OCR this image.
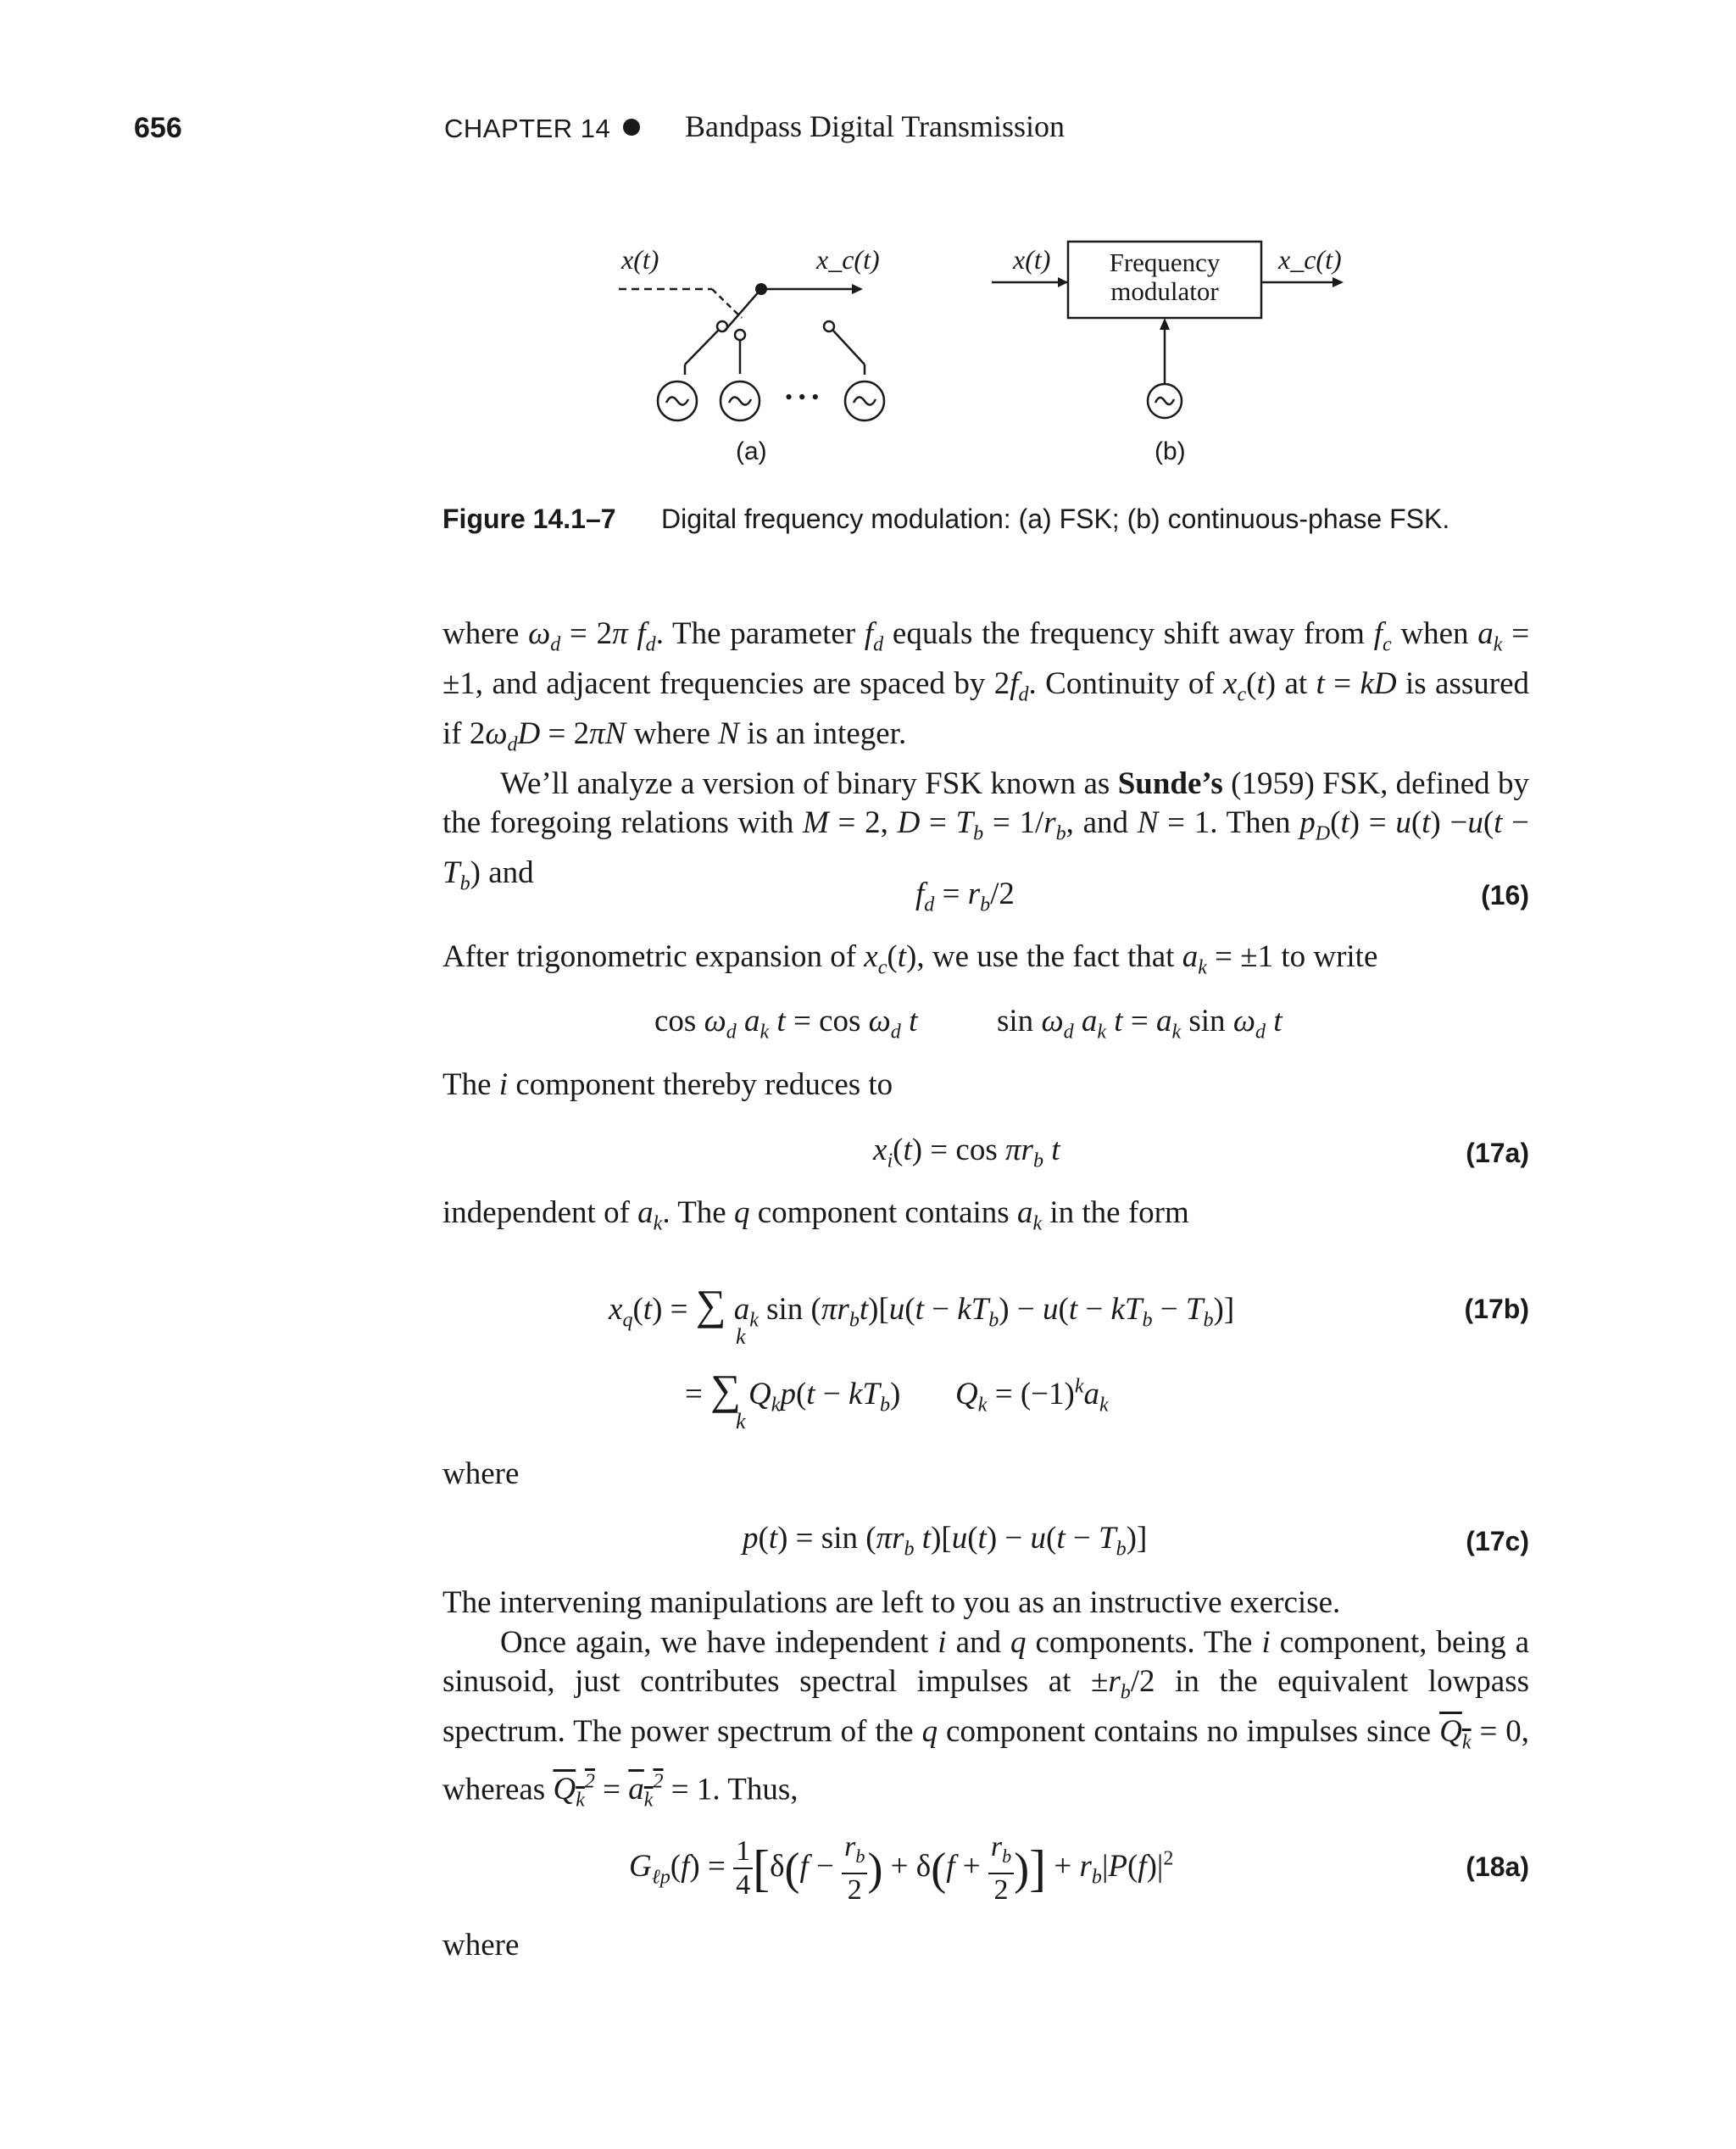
656	CHAPTER 14 Bandpass Digital Transmission
x(t)	x_c(t)
• • •
(a)
x(t)	Frequency
modulator
x_c(t)
(b)
Figure 14.1–7 Digital frequency modulation: (a) FSK; (b) continuous-phase FSK.

where $\omega_d = 2\pi$ $f_d$. The parameter $f_d$ equals the frequency shift away from $f_c$ when $a_k = \pm 1$, and adjacent frequencies are spaced by $2f_d$. Continuity of $x_c(t)$ at t = kD is assured if $2\omega_dD = 2\pi N$ where N is an integer.

We’ll analyze a version of binary FSK known as Sunde’s (1959) FSK, defined by the foregoing relations with M = 2, $D = T_b = 1/r_b$, and N = 1. Then $p_D(t) = u(t) -u(t - T_b)$ and

$f_d = r_b/2$	(16)
After trigonometric expansion of $x_c(t)$, we use the fact that $a_k = \pm 1$ to write
$\cos \omega_d$ $a_k$ $t = \cos \omega_d$ t	$\sin \omega_d$ $a_k$ $t = a_k$ $\sin \omega_d$ t
The i component thereby reduces to
$x_i(t) = \cos \pi r_b$ t	(17a)
independent of $a_k$. The q component contains $a_k$ in the form
$x_q(t)$ = ∑ $a_k$ $\sin (\pi r_bt)[u(t - kT_b) - u(t - kT_b - T_b)]$
k
(17b)
= ∑ $Q_kp(t - kT_b)$       $Q_k = (-1)^ka_k$
k
where
$p(t) = \sin (\pi r_b$ $t)[u(t) - u(t - T_b)]$	(17c)

The intervening manipulations are left to you as an instructive exercise.

Once again, we have independent i and q components. The i component, being a sinusoid, just contributes spectral impulses at $\pm r_b/2$ in the equivalent lowpass spectrum. The power spectrum of the q component contains no impulses since $Q_k = 0$, whereas $Q_k^2 = a_k^2 = 1$. Thus,

$G_{\ell p}(f) = \frac{1}{4} [\delta(f - \frac{r_b}{2}$ ) + $\delta(f + \frac{r_b}{2}$ )] + $r_b|P(f)|^2$	(18a)
where
